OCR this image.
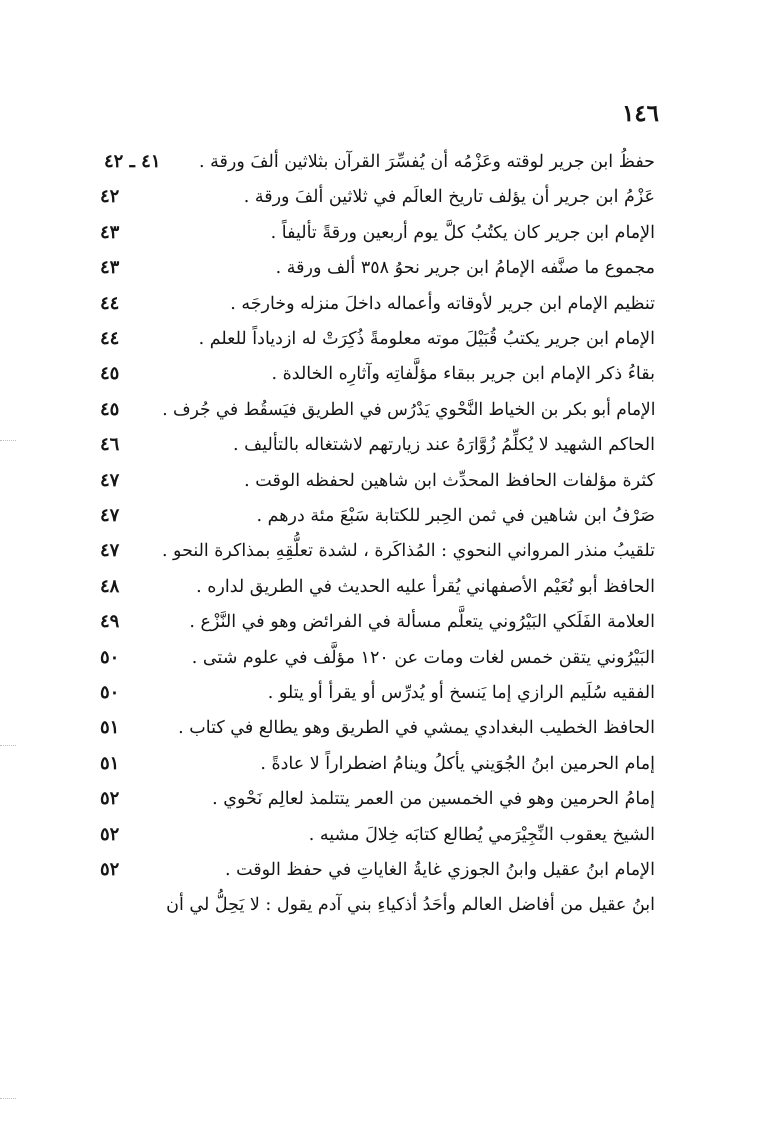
١٤٦
حفظُ ابن جرير لوقته وعَزْمُه أن يُفسِّرَ القرآن بثلاثين ألفَ ورقة .
٤١ ـ ٤٢
عَزْمُ ابن جرير أن يؤلف تاريخ العالَم في ثلاثين ألفَ ورقة .
٤٢
الإمام ابن جرير كان يكتُبُ كلَّ يوم أربعين ورقةً تأليفاً .
٤٣
مجموع ما صنَّفه الإمامُ ابن جرير نحوُ ٣٥٨ ألف ورقة .
٤٣
تنظيم الإمام ابن جرير لأوقاته وأعماله داخلَ منزله وخارجَه .
٤٤
الإمام ابن جرير يكتبُ قُبَيْلَ موته معلومةً ذُكِرَتْ له ازدياداً للعلم .
٤٤
بقاءُ ذكر الإمام ابن جرير ببقاء مؤلَّفاتِه وآثارِه الخالدة .
٤٥
الإمام أبو بكر بن الخياط النَّحْوي يَدْرُس في الطريق فيَسقُط في جُرف .
٤٥
الحاكم الشهيد لا يُكلِّمُ زُوَّارَهُ عند زيارتهم لاشتغاله بالتأليف .
٤٦
كثرة مؤلفات الحافظ المحدِّث ابن شاهين لحفظه الوقت .
٤٧
صَرْفُ ابن شاهين في ثمن الحِبر للكتابة سَبْعَ مئة درهم .
٤٧
تلقيبُ منذر المرواني النحوي : المُذاكَرة ، لشدة تعلُّقِهِ بمذاكرة النحو .
٤٧
الحافظ أبو نُعَيْم الأصفهاني يُقرأ عليه الحديث في الطريق لداره .
٤٨
العلامة الفَلَكي البَيْرُوني يتعلَّم مسألة في الفرائض وهو في النَّزْع .
٤٩
البَيْرُوني يتقن خمس لغات ومات عن ١٢٠ مؤلَّف في علوم شتى .
٥٠
الفقيه سُلَيم الرازي إما يَنسخ أو يُدرِّس أو يقرأ أو يتلو .
٥٠
الحافظ الخطيب البغدادي يمشي في الطريق وهو يطالع في كتاب .
٥١
إمام الحرمين ابنُ الجُوَيني يأكلُ وينامُ اضطراراً لا عادةً .
٥١
إمامُ الحرمين وهو في الخمسين من العمر يتتلمذ لعالِم نَحْوي .
٥٢
الشيخ يعقوب النِّجِيْرَمي يُطالع كتابَه خِلالَ مشيه .
٥٢
الإمام ابنُ عقيل وابنُ الجوزي غايةُ الغاياتِ في حفظ الوقت .
٥٢
ابنُ عقيل من أفاضل العالم وأحَدُ أذكياءِ بني آدم يقول : لا يَحِلُّ لي أن
